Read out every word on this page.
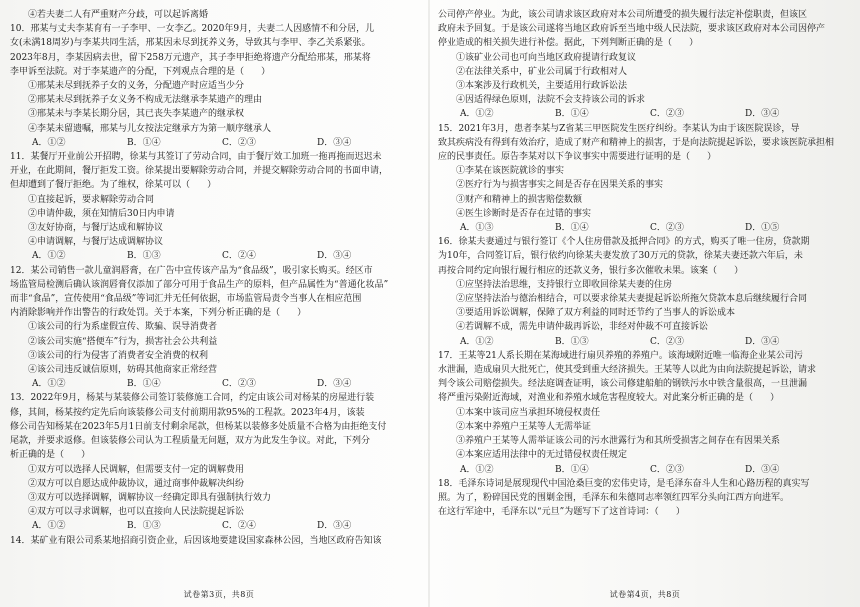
④若夫妻二人有严重财产分歧，可以起诉离婚
10．邢某与丈夫李某育有一子李甲、一女李乙。2020年9月，夫妻二人因感情不和分居，儿
女(未满18周岁)与李某共同生活，邢某因未尽到抚养义务，导致其与李甲、李乙关系紧张。
2023年8月，李某因病去世，留下258万元遗产，其子李甲拒绝将遗产分配给邢某，邢某将
李甲诉至法院。对于李某遗产的分配，下列观点合理的是（      ）
①邢某未尽到抚养子女的义务，分配遗产时应适当少分
②邢某未尽到抚养子女义务不构成无法继承李某遗产的理由
③邢某未与李某长期分居，其已丧失李某遗产的继承权
④李某未留遗嘱，邢某与儿女按法定继承方为第一顺序继承人
A．①②	B．①④	C．②③	D．③④
11．某餐厅开业前公开招聘，徐某与其签订了劳动合同，由于餐厅效工加班一拖再拖而迟迟未
开业，在此期间，餐厅拒发工资。徐某提出要解除劳动合同，并提交解除劳动合同的书面申请，
但却遭到了餐厅拒绝。为了维权，徐某可以（      ）
①直接起诉，要求解除劳动合同
②申请仲裁，须在知情后30日内申请
③友好协商，与餐厅达成和解协议
④申请调解，与餐厅达成调解协议
A．①②	B．①③	C．②④	D．③④
12．某公司销售一款儿童润唇膏，在广告中宣传该产品为“食品级”，吸引家长购买。经区市
场监管局检测后确认该润唇膏仅添加了部分可用于食品生产的原料，但产品属性为“普通化妆品”
而非“食品”，宣传使用“食品级”等词汇并无任何依据，市场监管局责令当事人在相应范围
内消除影响并作出警告的行政处罚。关于本案，下列分析正确的是（      ）
①该公司的行为系虚假宣传、欺骗、误导消费者
②该公司实施“搭便车”行为，损害社会公共利益
③该公司的行为侵害了消费者安全消费的权利
④该公司违反诚信原则，妨碍其他商家正常经营
A．①②	B．①④	C．②③	D．③④
13．2022年9月，杨某与某装修公司签订装修施工合同，约定由该公司对杨某的房屋进行装
修，其间，杨某按约定先后向该装修公司支付前期用款95%的工程款。2023年4月，该装
修公司告知杨某在2023年5月1日前支付剩余尾款，但杨某以装修多处质量不合格为由拒绝支付
尾款，并要求返修。但该装修公司认为工程质量无问题，双方为此发生争议。对此，下列分
析正确的是（      ）
①双方可以选择人民调解，但需要支付一定的调解费用
②双方可以自愿达成仲裁协议，通过商事仲裁解决纠纷
③双方可以选择调解，调解协议一经确定即具有强制执行效力
④双方可以寻求调解，也可以直接向人民法院提起诉讼
A．①②	B．①③	C．②④	D．③④
14．某矿业有限公司系某地招商引资企业，后因该地要建设国家森林公园，当地区政府告知该
试卷第3页，共8页
公司停产停业。为此，该公司请求该区政府对本公司所遭受的损失履行法定补偿职责，但该区
政府未予回复。于是该公司遂将当地区政府诉至当地中级人民法院，要求该区政府对本公司因停产
停业造成的相关损失进行补偿。据此，下列判断正确的是（      ）
①该矿业公司也可向当地区政府提请行政复议
②在法律关系中，矿业公司属于行政相对人
③本案涉及行政机关，主要适用行政诉讼法
④因适得绿色原则，法院不会支持该公司的诉求
A．①②	B．①④	C．②③	D．③④
15．2021年3月，患者李某与Z省某三甲医院发生医疗纠纷。李某认为由于该医院误诊，导
致其疾病没有得到有效治疗，造成了财产和精神上的损害，于是向法院提起诉讼，要求该医院承担相
应的民事责任。原告李某对以下争议事实中需要进行证明的是（      ）
①李某在该医院就诊的事实
②医疗行为与损害事实之间是否存在因果关系的事实
③财产和精神上的损害赔偿数额
④医生诊断时是否存在过错的事实
A．①③	B．①④	C．②③	D．①⑤
16．徐某夫妻通过与银行签订《个人住房借款及抵押合同》的方式，购买了唯一住房，贷款期
为10年，合同签订后，银行依约向徐某夫妻发放了30万元的贷款，徐某夫妻还款六年后，未
再按合同约定向银行履行相应的还款义务，银行多次催收未果。该案（      ）
①应坚持法治思维，支持银行立即收回徐某夫妻的住房
②应坚持法治与德治相结合，可以要求徐某夫妻提起诉讼所拖欠贷款本息后继续履行合同
③要适用诉讼调解，保障了双方利益的同时还节约了当事人的诉讼成本
④若调解不成，需先申请仲裁再诉讼，非经对仲裁不可直接诉讼
A．①②	B．①③	C．②③	D．③④
17．王某等21人系长期在某海域进行扇贝养殖的养殖户。该海域附近唯一临海企业某公司污
水泄漏，造成扇贝大批死亡，使其受到重大经济损失。王某等人以此为由向法院提起诉讼，请求
判令该公司赔偿损失。经法庭调查证明，该公司修建船舶的钢铁污水中铁含量很高，一旦泄漏
将严重污染附近海域，对渔业和养殖水域危害程度较大。对此案分析正确的是（      ）
①本案中该司应当承担环境侵权责任
②本案中养殖户王某等人无需举证
③养殖户王某等人需举证该公司的污水泄露行为和其所受损害之间存在有因果关系
④本案应适用法律中的无过错侵权责任规定
A．①②	B．①④	C．②③	D．③④
18．毛泽东诗词是展现现代中国沧桑巨变的宏伟史诗，是毛泽东奋斗人生和心路历程的真实写
照。为了，粉碎国民党的围剿金围，毛泽东和朱德同志率领红四军分头向江西方向进军。
在这行军途中，毛泽东以“元旦”为题写下了这首诗词：（      ）
试卷第4页，共8页
